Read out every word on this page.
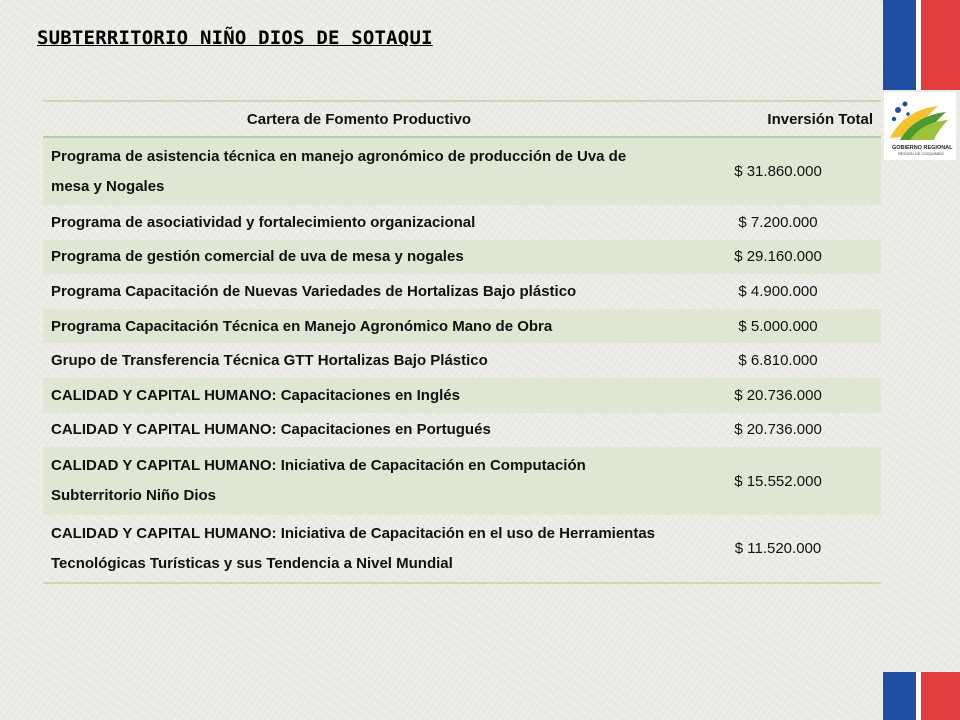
GOBIERNO REGIONAL
REGIÓN DE COQUIMBO
SUBTERRITORIO NIÑO DIOS DE SOTAQUI
Cartera de Fomento Productivo	Inversión Total
Programa de asistencia técnica en manejo agronómico de producción de Uva de mesa y Nogales	$ 31.860.000
Programa de asociatividad y fortalecimiento organizacional	$ 7.200.000
Programa de gestión comercial de uva de mesa y nogales	$ 29.160.000
Programa Capacitación de Nuevas Variedades de Hortalizas Bajo plástico	$ 4.900.000
Programa Capacitación Técnica en Manejo Agronómico Mano de Obra	$ 5.000.000
Grupo de Transferencia Técnica GTT Hortalizas Bajo Plástico	$ 6.810.000
CALIDAD Y CAPITAL HUMANO: Capacitaciones en Inglés	$ 20.736.000
CALIDAD Y CAPITAL HUMANO: Capacitaciones en Portugués	$ 20.736.000
CALIDAD Y CAPITAL HUMANO: Iniciativa de Capacitación en Computación Subterritorio Niño Dios	$ 15.552.000
CALIDAD Y CAPITAL HUMANO: Iniciativa de Capacitación en el uso de Herramientas Tecnológicas Turísticas y sus Tendencia a Nivel Mundial	$ 11.520.000
